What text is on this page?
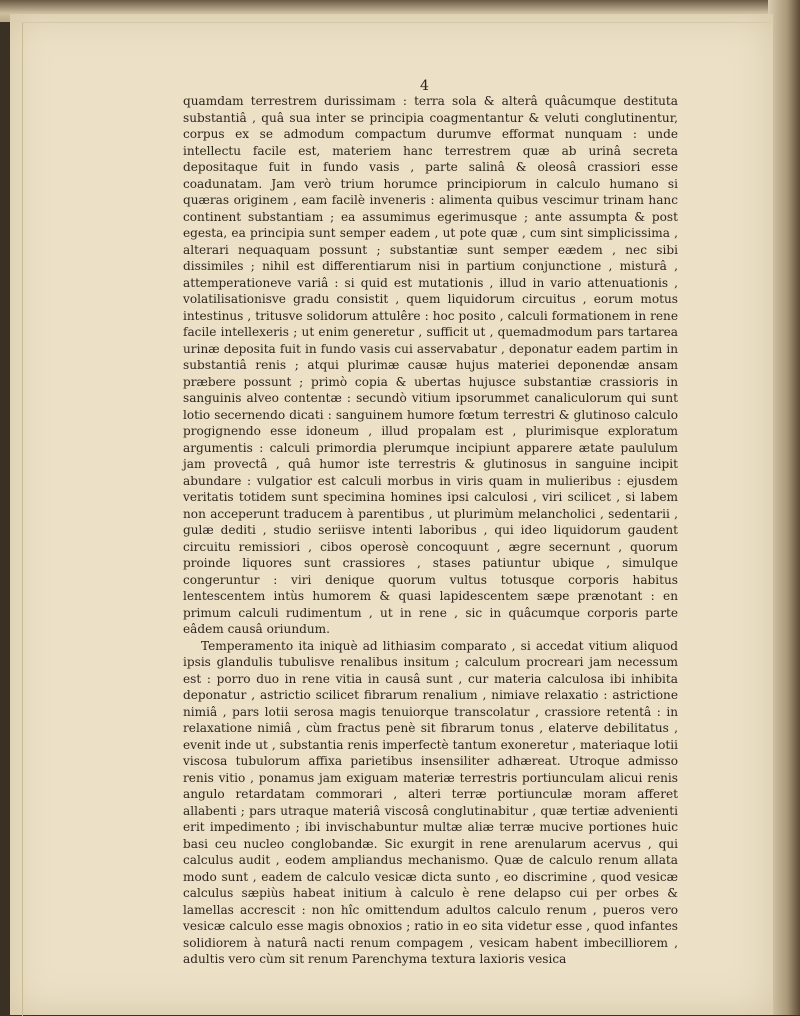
4

quamdam terrestrem durissimam : terra sola & alterâ quâcumque destituta substantiâ , quâ sua inter se principia coagmentantur & veluti conglutinentur, corpus ex se admodum compactum durumve efformat nunquam : unde intellectu facile est, materiem hanc terrestrem quæ ab urinâ secreta depositaque fuit in fundo vasis , parte salinâ & oleosâ crassiori esse coadunatam. Jam verò trium horumce principiorum in calculo humano si quæras originem , eam facilè inveneris : alimenta quibus vescimur trinam hanc continent substantiam ; ea assumimus egerimusque ; ante assumpta & post egesta, ea principia sunt semper eadem , ut pote quæ , cum sint simplicissima , alterari nequaquam possunt ; substantiæ sunt semper eædem , nec sibi dissimiles ; nihil est differentiarum nisi in partium conjunctione , misturâ , attemperationeve variâ : si quid est mutationis , illud in vario attenuationis , volatilisationisve gradu consistit , quem liquidorum circuitus , eorum motus intestinus , tritusve solidorum attulêre : hoc posito , calculi formationem in rene facile intellexeris ; ut enim generetur , sufficit ut , quemadmodum pars tartarea urinæ deposita fuit in fundo vasis cui asservabatur , deponatur eadem partim in substantiâ renis ; atqui plurimæ causæ hujus materiei deponendæ ansam præbere possunt ; primò copia & ubertas hujusce substantiæ crassioris in sanguinis alveo contentæ : secundò vitium ipsorummet canaliculorum qui sunt lotio secernendo dicati : sanguinem humore fœtum terrestri & glutinoso calculo progignendo esse idoneum , illud propalam est , plurimisque exploratum argumentis : calculi primordia plerumque incipiunt apparere ætate paululum jam provectâ , quâ humor iste terrestris & glutinosus in sanguine incipit abundare : vulgatior est calculi morbus in viris quam in mulieribus : ejusdem veritatis totidem sunt specimina homines ipsi calculosi , viri scilicet , si labem non acceperunt traducem à parentibus , ut plurimùm melancholici , sedentarii , gulæ dediti , studio seriisve intenti laboribus , qui ideo liquidorum gaudent circuitu remissiori , cibos operosè concoquunt , ægre secernunt , quorum proinde liquores sunt crassiores , stases patiuntur ubique , simulque congeruntur : viri denique quorum vultus totusque corporis habitus lentescentem intùs humorem & quasi lapidescentem sæpe prænotant : en primum calculi rudimentum , ut in rene , sic in quâcumque corporis parte eâdem causâ oriundum.

Temperamento ita iniquè ad lithiasim comparato , si accedat vitium aliquod ipsis glandulis tubulisve renalibus insitum ; calculum procreari jam necessum est : porro duo in rene vitia in causâ sunt , cur materia calculosa ibi inhibita deponatur , astrictio scilicet fibrarum renalium , nimiave relaxatio : astrictione nimiâ , pars lotii serosa magis tenuiorque transcolatur , crassiore retentâ : in relaxatione nimiâ , cùm fractus penè sit fibrarum tonus , elaterve debilitatus , evenit inde ut , substantia renis imperfectè tantum exoneretur , materiaque lotii viscosa tubulorum affixa parietibus insensiliter adhæreat. Utroque admisso renis vitio , ponamus jam exiguam materiæ terrestris portiunculam alicui renis angulo retardatam commorari , alteri terræ portiunculæ moram afferet allabenti ; pars utraque materiâ viscosâ conglutinabitur , quæ tertiæ advenienti erit impedimento ; ibi invischabuntur multæ aliæ terræ mucive portiones huic basi ceu nucleo conglobandæ. Sic exurgit in rene arenularum acervus , qui calculus audit , eodem ampliandus mechanismo. Quæ de calculo renum allata modo sunt , eadem de calculo vesicæ dicta sunto , eo discrimine , quod vesicæ calculus sæpiùs habeat initium à calculo è rene delapso cui per orbes & lamellas accrescit : non hîc omittendum adultos calculo renum , pueros vero vesicæ calculo esse magis obnoxios ; ratio in eo sita videtur esse , quod infantes solidiorem à naturâ nacti renum compagem , vesicam habent imbecilliorem , adultis vero cùm sit renum Parenchyma textura laxioris vesica
